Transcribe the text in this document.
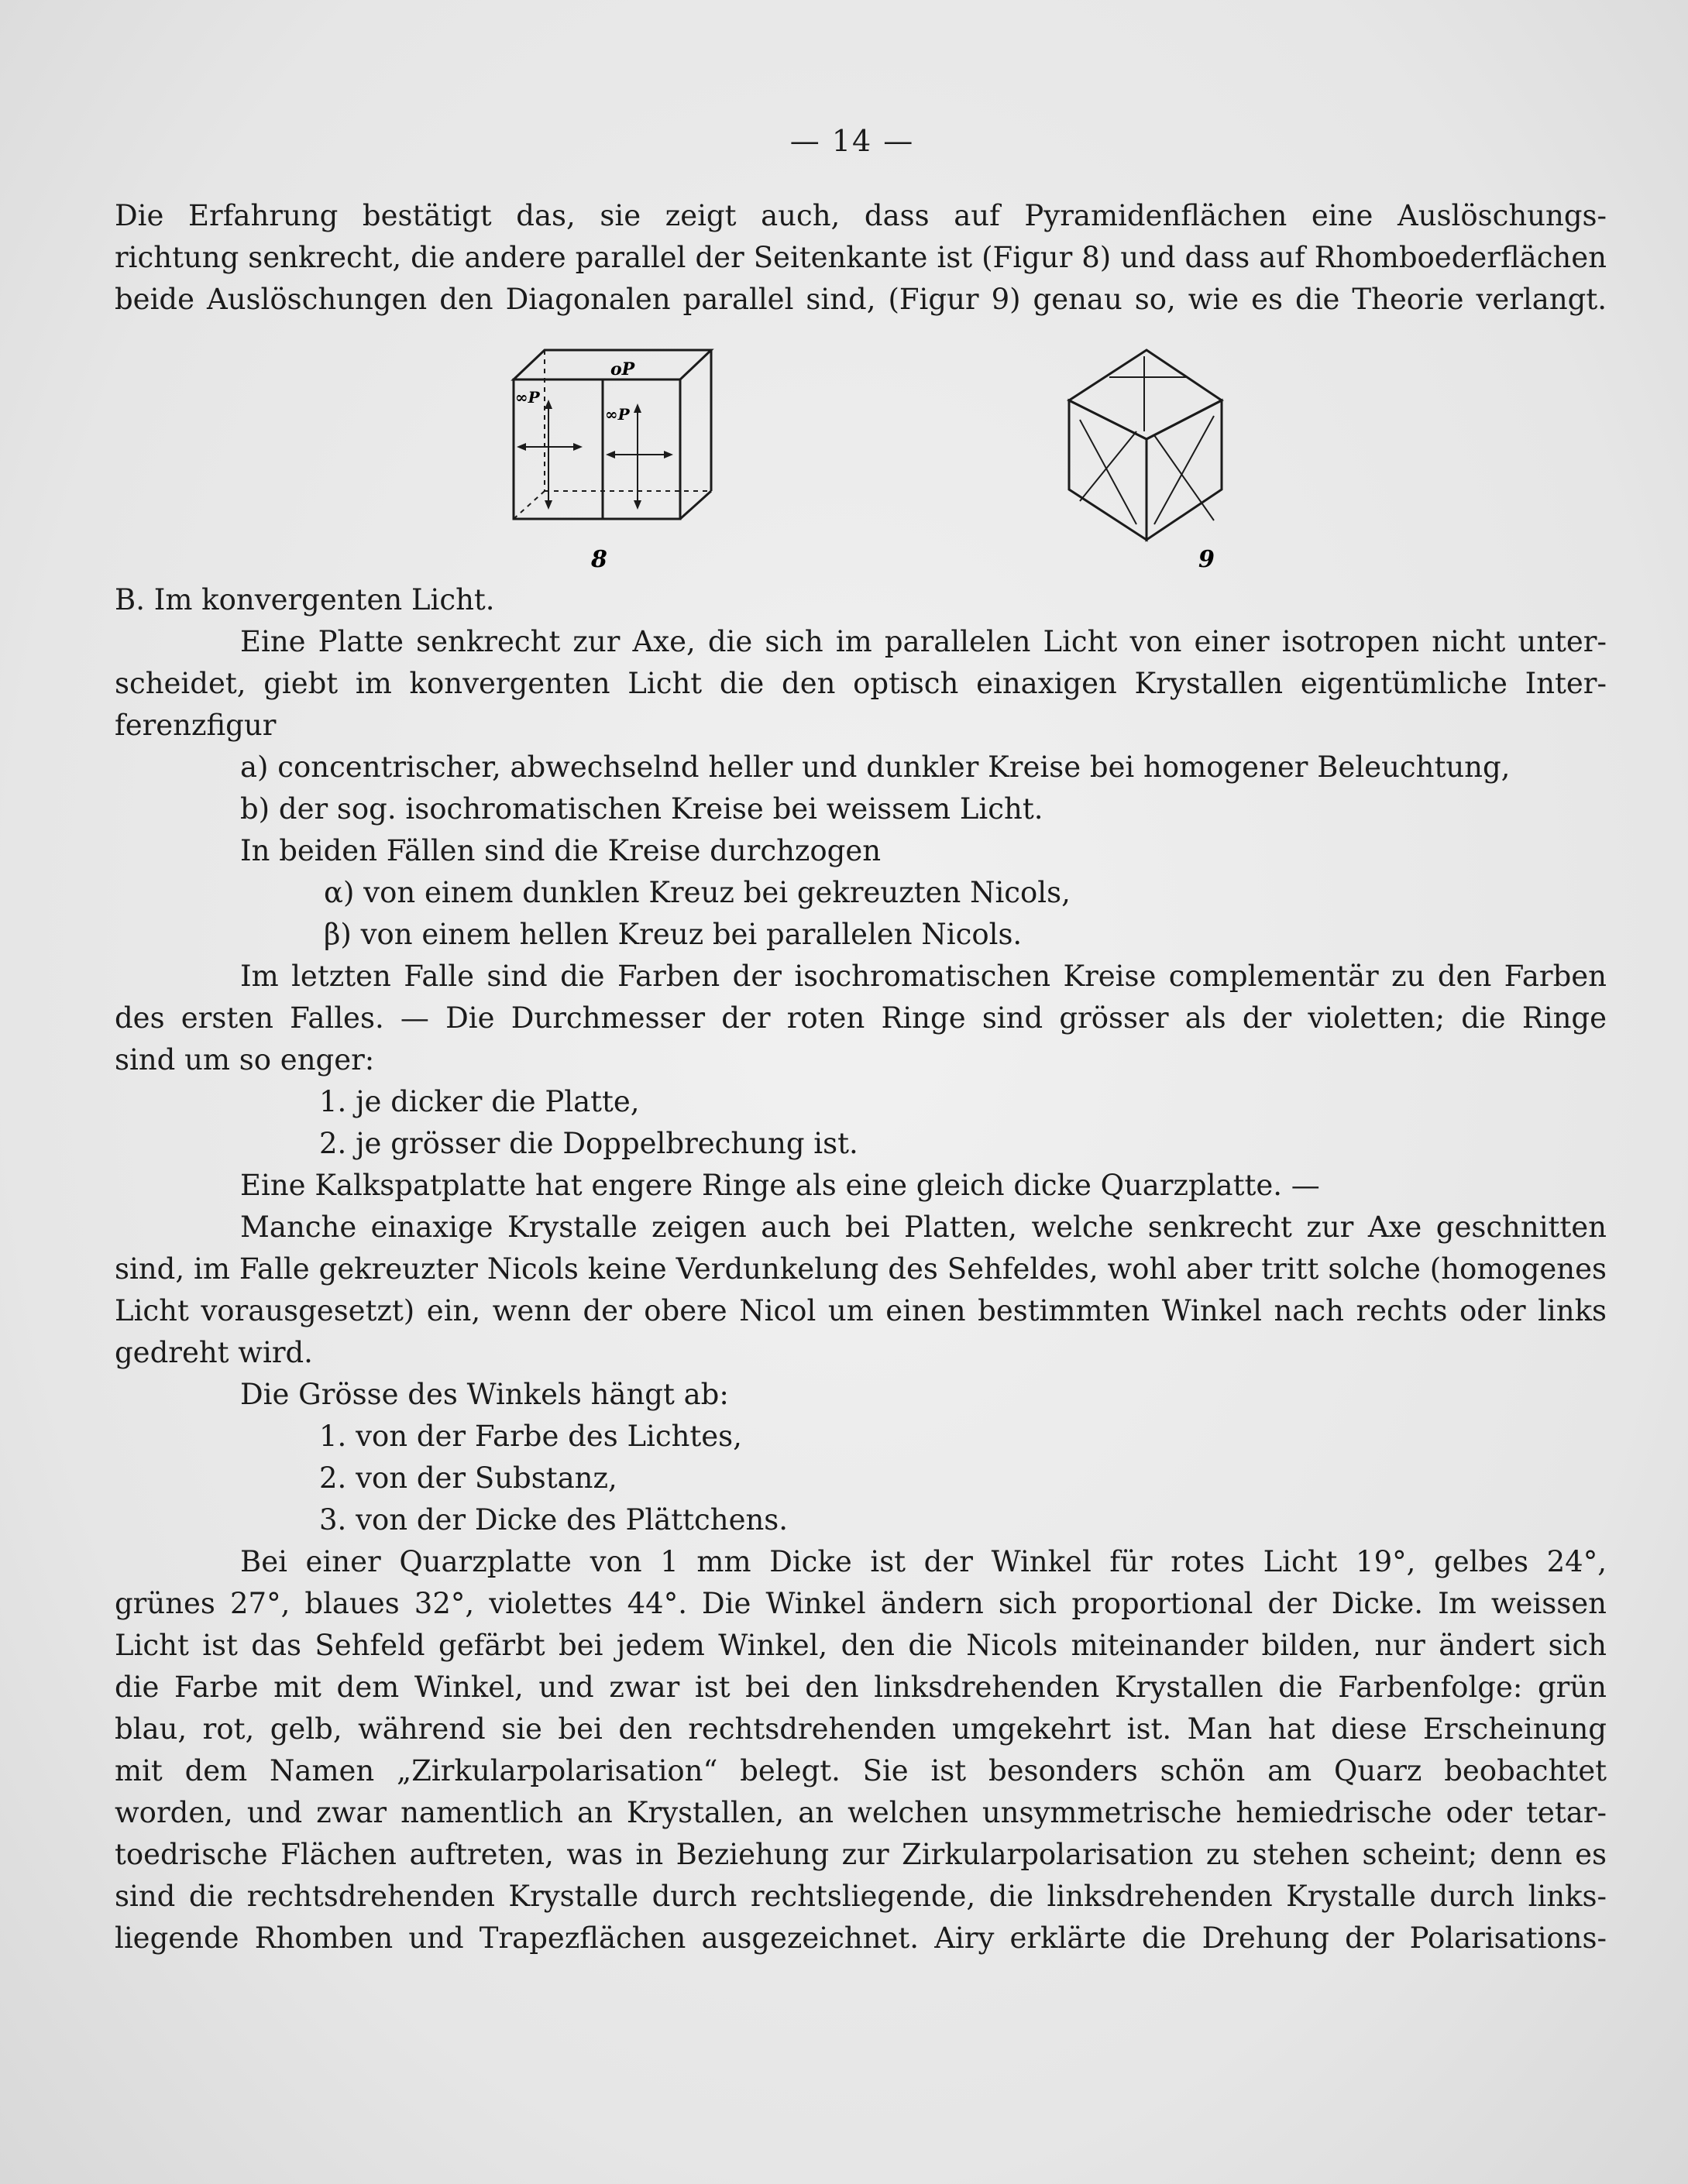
— 14 —
Die Erfahrung bestätigt das, sie zeigt auch, dass auf Pyramidenflächen eine Auslöschungs-
richtung senkrecht, die andere parallel der Seitenkante ist (Figur 8) und dass auf Rhomboederflächen
beide Auslöschungen den Diagonalen parallel sind, (Figur 9) genau so, wie es die Theorie verlangt.
oP
∞P
∞P
8	9
B. Im konvergenten Licht.
Eine Platte senkrecht zur Axe, die sich im parallelen Licht von einer isotropen nicht unter-
scheidet, giebt im konvergenten Licht die den optisch einaxigen Krystallen eigentümliche Inter-
ferenzfigur
a) concentrischer, abwechselnd heller und dunkler Kreise bei homogener Beleuchtung,
b) der sog. isochromatischen Kreise bei weissem Licht.
In beiden Fällen sind die Kreise durchzogen
α) von einem dunklen Kreuz bei gekreuzten Nicols,
β) von einem hellen Kreuz bei parallelen Nicols.
Im letzten Falle sind die Farben der isochromatischen Kreise complementär zu den Farben
des ersten Falles. — Die Durchmesser der roten Ringe sind grösser als der violetten; die Ringe
sind um so enger:
1. je dicker die Platte,
2. je grösser die Doppelbrechung ist.
Eine Kalkspatplatte hat engere Ringe als eine gleich dicke Quarzplatte. —
Manche einaxige Krystalle zeigen auch bei Platten, welche senkrecht zur Axe geschnitten
sind, im Falle gekreuzter Nicols keine Verdunkelung des Sehfeldes, wohl aber tritt solche (homogenes
Licht vorausgesetzt) ein, wenn der obere Nicol um einen bestimmten Winkel nach rechts oder links
gedreht wird.
Die Grösse des Winkels hängt ab:
1. von der Farbe des Lichtes,
2. von der Substanz,
3. von der Dicke des Plättchens.
Bei einer Quarzplatte von 1 mm Dicke ist der Winkel für rotes Licht 19°, gelbes 24°,
grünes 27°, blaues 32°, violettes 44°. Die Winkel ändern sich proportional der Dicke. Im weissen
Licht ist das Sehfeld gefärbt bei jedem Winkel, den die Nicols miteinander bilden, nur ändert sich
die Farbe mit dem Winkel, und zwar ist bei den linksdrehenden Krystallen die Farbenfolge: grün
blau, rot, gelb, während sie bei den rechtsdrehenden umgekehrt ist. Man hat diese Erscheinung
mit dem Namen „Zirkularpolarisation“ belegt. Sie ist besonders schön am Quarz beobachtet
worden, und zwar namentlich an Krystallen, an welchen unsymmetrische hemiedrische oder tetar-
toedrische Flächen auftreten, was in Beziehung zur Zirkularpolarisation zu stehen scheint; denn es
sind die rechtsdrehenden Krystalle durch rechtsliegende, die linksdrehenden Krystalle durch links-
liegende Rhomben und Trapezflächen ausgezeichnet. Airy erklärte die Drehung der Polarisations-
